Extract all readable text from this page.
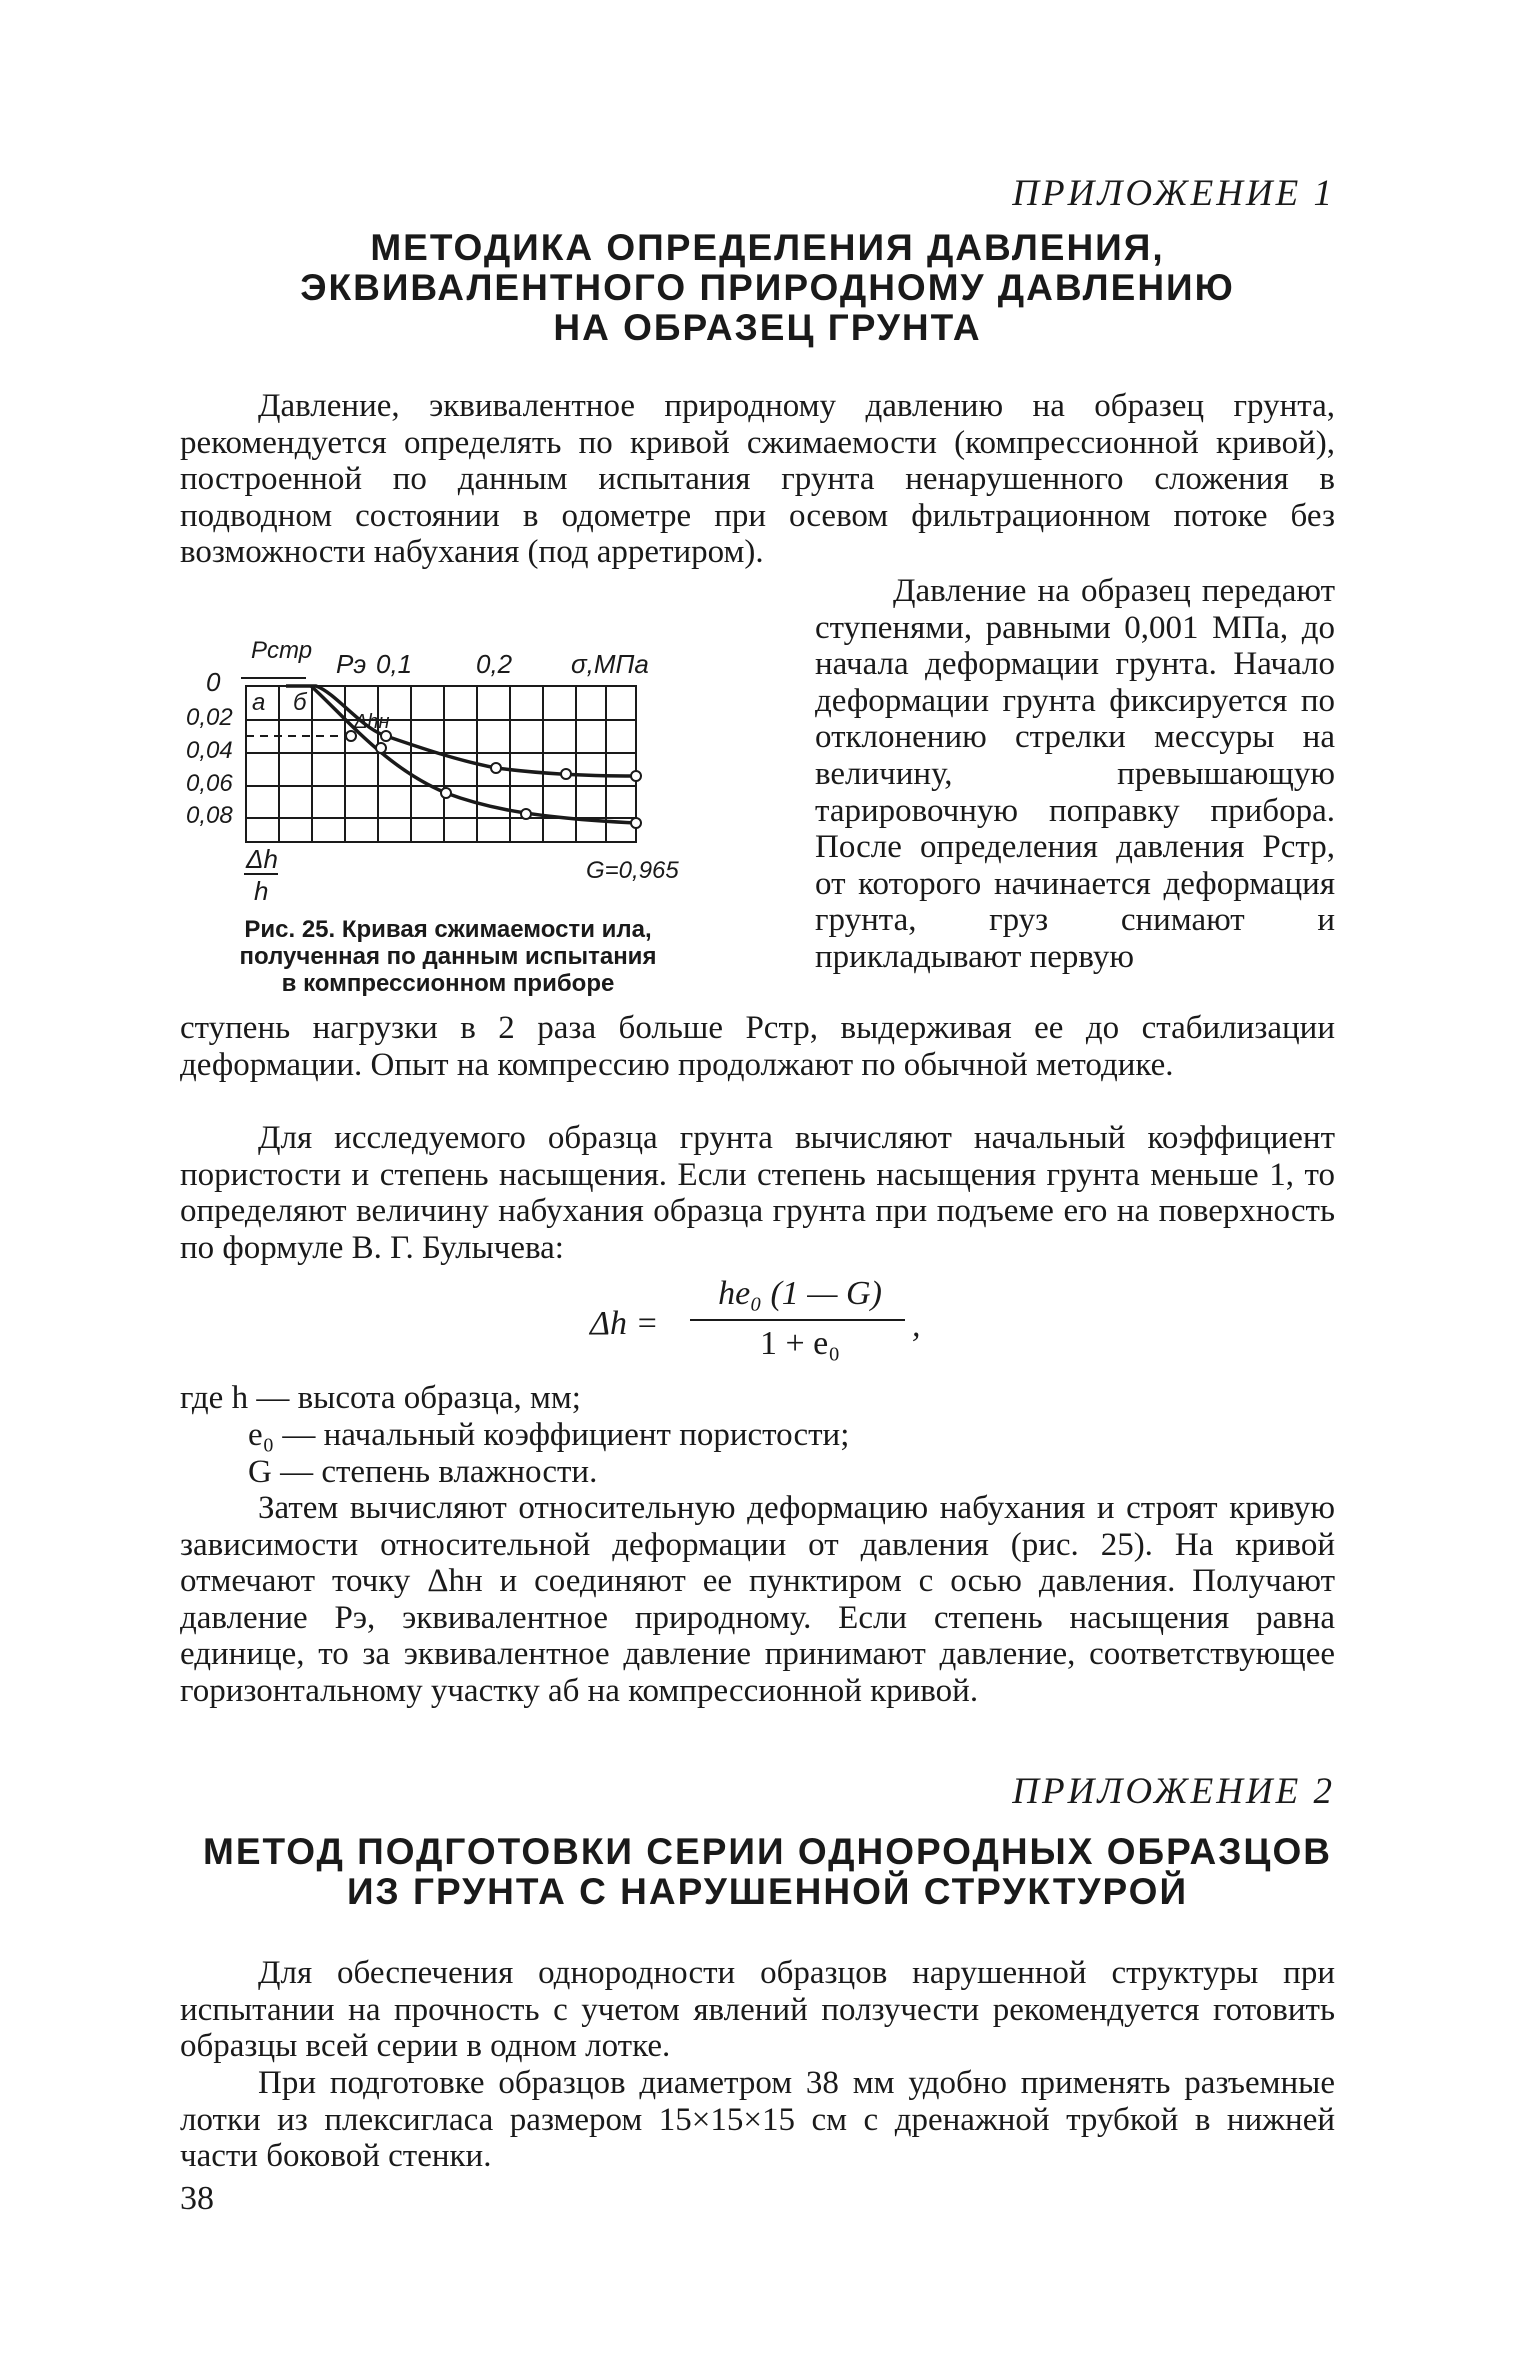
ПРИЛОЖЕНИЕ 1
МЕТОДИКА ОПРЕДЕЛЕНИЯ ДАВЛЕНИЯ,
ЭКВИВАЛЕНТНОГО ПРИРОДНОМУ ДАВЛЕНИЮ
НА ОБРАЗЕЦ ГРУНТА
Давление, эквивалентное природному давлению на образец грунта, рекомендуется определять по кривой сжимаемости (компрессионной кривой), построенной по данным испытания грунта ненарушенного сложения в подводном состоянии в одометре при осевом фильтрационном потоке без возможности набухания (под арретиром).
Pстр Pэ 0,1 0,2 σ,МПа
0
0,02
0,04
0,06
0,08
Δh
h
а б
Δhн
G=0,965
Рис. 25. Кривая сжимаемости ила,
полученная по данным испытания
в компрессионном приборе
Давление на образец передают ступенями, равными 0,001 МПа, до начала деформации грунта. Начало деформации грунта фиксируется по отклонению стрелки мессуры на величину, превышающую тарировочную поправку прибора. После определения давления Pстр, от которого начинается деформация грунта, груз снимают и прикладывают первую
ступень нагрузки в 2 раза больше Pстр, выдерживая ее до стабилизации деформации. Опыт на компрессию продолжают по обычной методике.
Для исследуемого образца грунта вычисляют начальный коэффициент пористости и степень насыщения. Если степень насыщения грунта меньше 1, то определяют величину набухания образца грунта при подъеме его на поверхность по формуле В. Г. Булычева:
Δh =
he₀ (1 — G)
1 + e₀	,
где h — высота образца, мм;
e₀ — начальный коэффициент пористости;
G — степень влажности.
Затем вычисляют относительную деформацию набухания и строят кривую зависимости относительной деформации от давления (рис. 25). На кривой отмечают точку Δhн и соединяют ее пунктиром с осью давления. Получают давление Pэ, эквивалентное природному. Если степень насыщения равна единице, то за эквивалентное давление принимают давление, соответствующее горизонтальному участку аб на компрессионной кривой.
ПРИЛОЖЕНИЕ 2
МЕТОД ПОДГОТОВКИ СЕРИИ ОДНОРОДНЫХ ОБРАЗЦОВ
ИЗ ГРУНТА С НАРУШЕННОЙ СТРУКТУРОЙ
Для обеспечения однородности образцов нарушенной структуры при испытании на прочность с учетом явлений ползучести рекомендуется готовить образцы всей серии в одном лотке.
При подготовке образцов диаметром 38 мм удобно применять разъемные лотки из плексигласа размером 15×15×15 см с дренажной трубкой в нижней части боковой стенки.
38
